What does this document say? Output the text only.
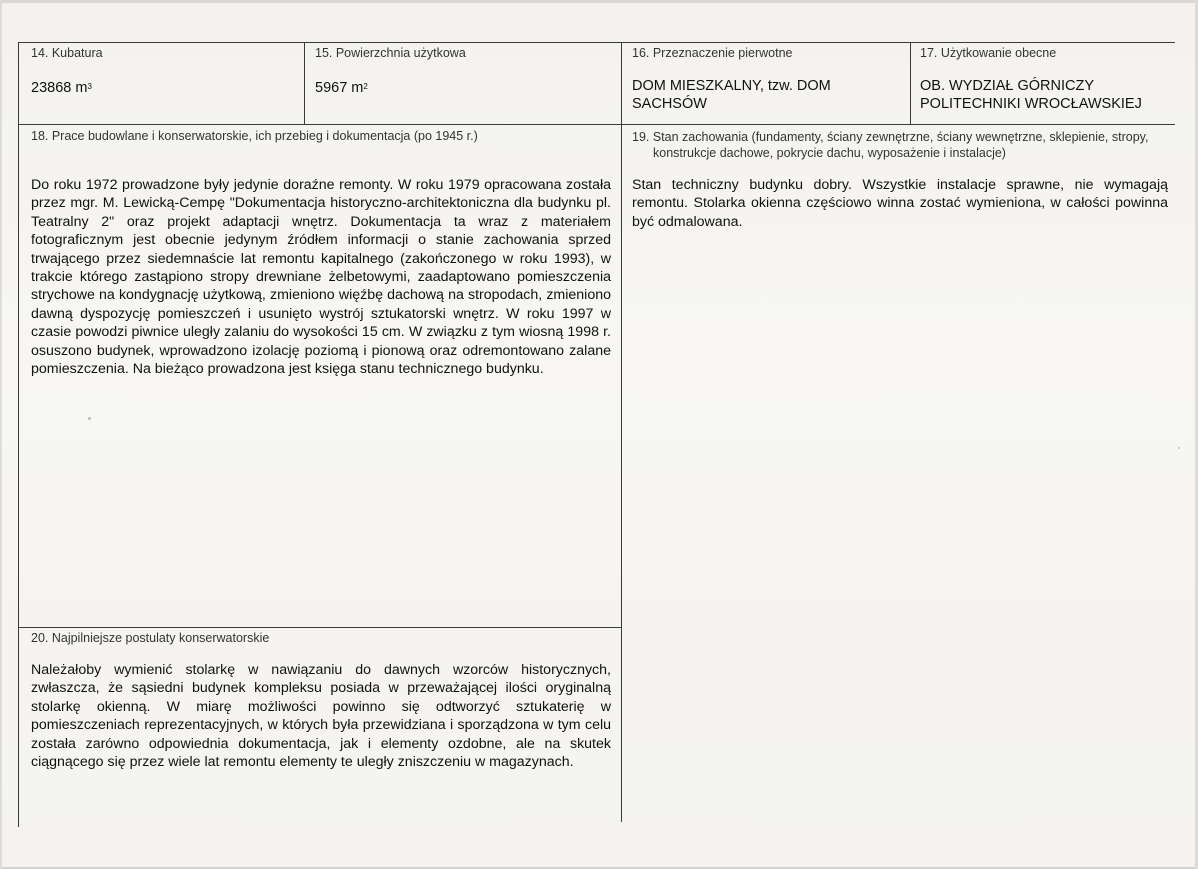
14. Kubatura
23868 $m^3$
15. Powierzchnia użytkowa
5967 $m^2$
16. Przeznaczenie pierwotne
DOM MIESZKALNY, tzw. DOM
SACHSÓW
17. Użytkowanie obecne
OB. WYDZIAŁ GÓRNICZY
POLITECHNIKI WROCŁAWSKIEJ
18. Prace budowlane i konserwatorskie, ich przebieg i dokumentacja (po 1945 r.)
Do roku 1972 prowadzone były jedynie doraźne remonty. W roku 1979 opracowana została przez mgr. M. Lewicką-Cempę "Dokumentacja historyczno-architektoniczna dla budynku pl. Teatralny 2" oraz projekt adaptacji wnętrz. Dokumentacja ta wraz z materiałem fotograficznym jest obecnie jedynym źródłem informacji o stanie zachowania sprzed trwającego przez siedemnaście lat remontu kapitalnego (zakończonego w roku 1993), w trakcie którego zastąpiono stropy drewniane żelbetowymi, zaadaptowano pomieszczenia strychowe na kondygnację użytkową, zmieniono więźbę dachową na stropodach, zmieniono dawną dyspozycję pomieszczeń i usunięto wystrój sztukatorski wnętrz. W roku 1997 w czasie powodzi piwnice uległy zalaniu do wysokości 15 cm. W związku z tym wiosną 1998 r. osuszono budynek, wprowadzono izolację poziomą i pionową oraz odremontowano zalane pomieszczenia. Na bieżąco prowadzona jest księga stanu technicznego budynku.
19. Stan zachowania (fundamenty, ściany zewnętrzne, ściany wewnętrzne, sklepienie, stropy,
konstrukcje dachowe, pokrycie dachu, wyposażenie i instalacje)
Stan techniczny budynku dobry. Wszystkie instalacje sprawne, nie wymagają remontu. Stolarka okienna częściowo winna zostać wymieniona, w całości powinna być odmalowana.
20. Najpilniejsze postulaty konserwatorskie
Należałoby wymienić stolarkę w nawiązaniu do dawnych wzorców historycznych, zwłaszcza, że sąsiedni budynek kompleksu posiada w przeważającej ilości oryginalną stolarkę okienną. W miarę możliwości powinno się odtworzyć sztukaterię w pomieszczeniach reprezentacyjnych, w których była przewidziana i sporządzona w tym celu została zarówno odpowiednia dokumentacja, jak i elementy ozdobne, ale na skutek ciągnącego się przez wiele lat remontu elementy te uległy zniszczeniu w magazynach.
